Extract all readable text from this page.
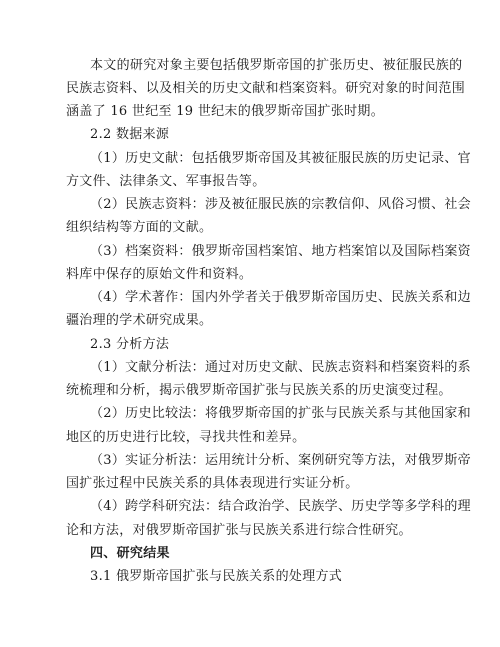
本文的研究对象主要包括俄罗斯帝国的扩张历史、被征服民族的
民族志资料、以及相关的历史文献和档案资料。研究对象的时间范围
涵盖了 16 世纪至 19 世纪末的俄罗斯帝国扩张时期。
2.2 数据来源
（1）历史文献：包括俄罗斯帝国及其被征服民族的历史记录、官
方文件、法律条文、军事报告等。
（2）民族志资料：涉及被征服民族的宗教信仰、风俗习惯、社会
组织结构等方面的文献。
（3）档案资料：俄罗斯帝国档案馆、地方档案馆以及国际档案资
料库中保存的原始文件和资料。
（4）学术著作：国内外学者关于俄罗斯帝国历史、民族关系和边
疆治理的学术研究成果。
2.3 分析方法
（1）文献分析法：通过对历史文献、民族志资料和档案资料的系
统梳理和分析，揭示俄罗斯帝国扩张与民族关系的历史演变过程。
（2）历史比较法：将俄罗斯帝国的扩张与民族关系与其他国家和
地区的历史进行比较，寻找共性和差异。
（3）实证分析法：运用统计分析、案例研究等方法，对俄罗斯帝
国扩张过程中民族关系的具体表现进行实证分析。
（4）跨学科研究法：结合政治学、民族学、历史学等多学科的理
论和方法，对俄罗斯帝国扩张与民族关系进行综合性研究。
四、研究结果
3.1 俄罗斯帝国扩张与民族关系的处理方式
